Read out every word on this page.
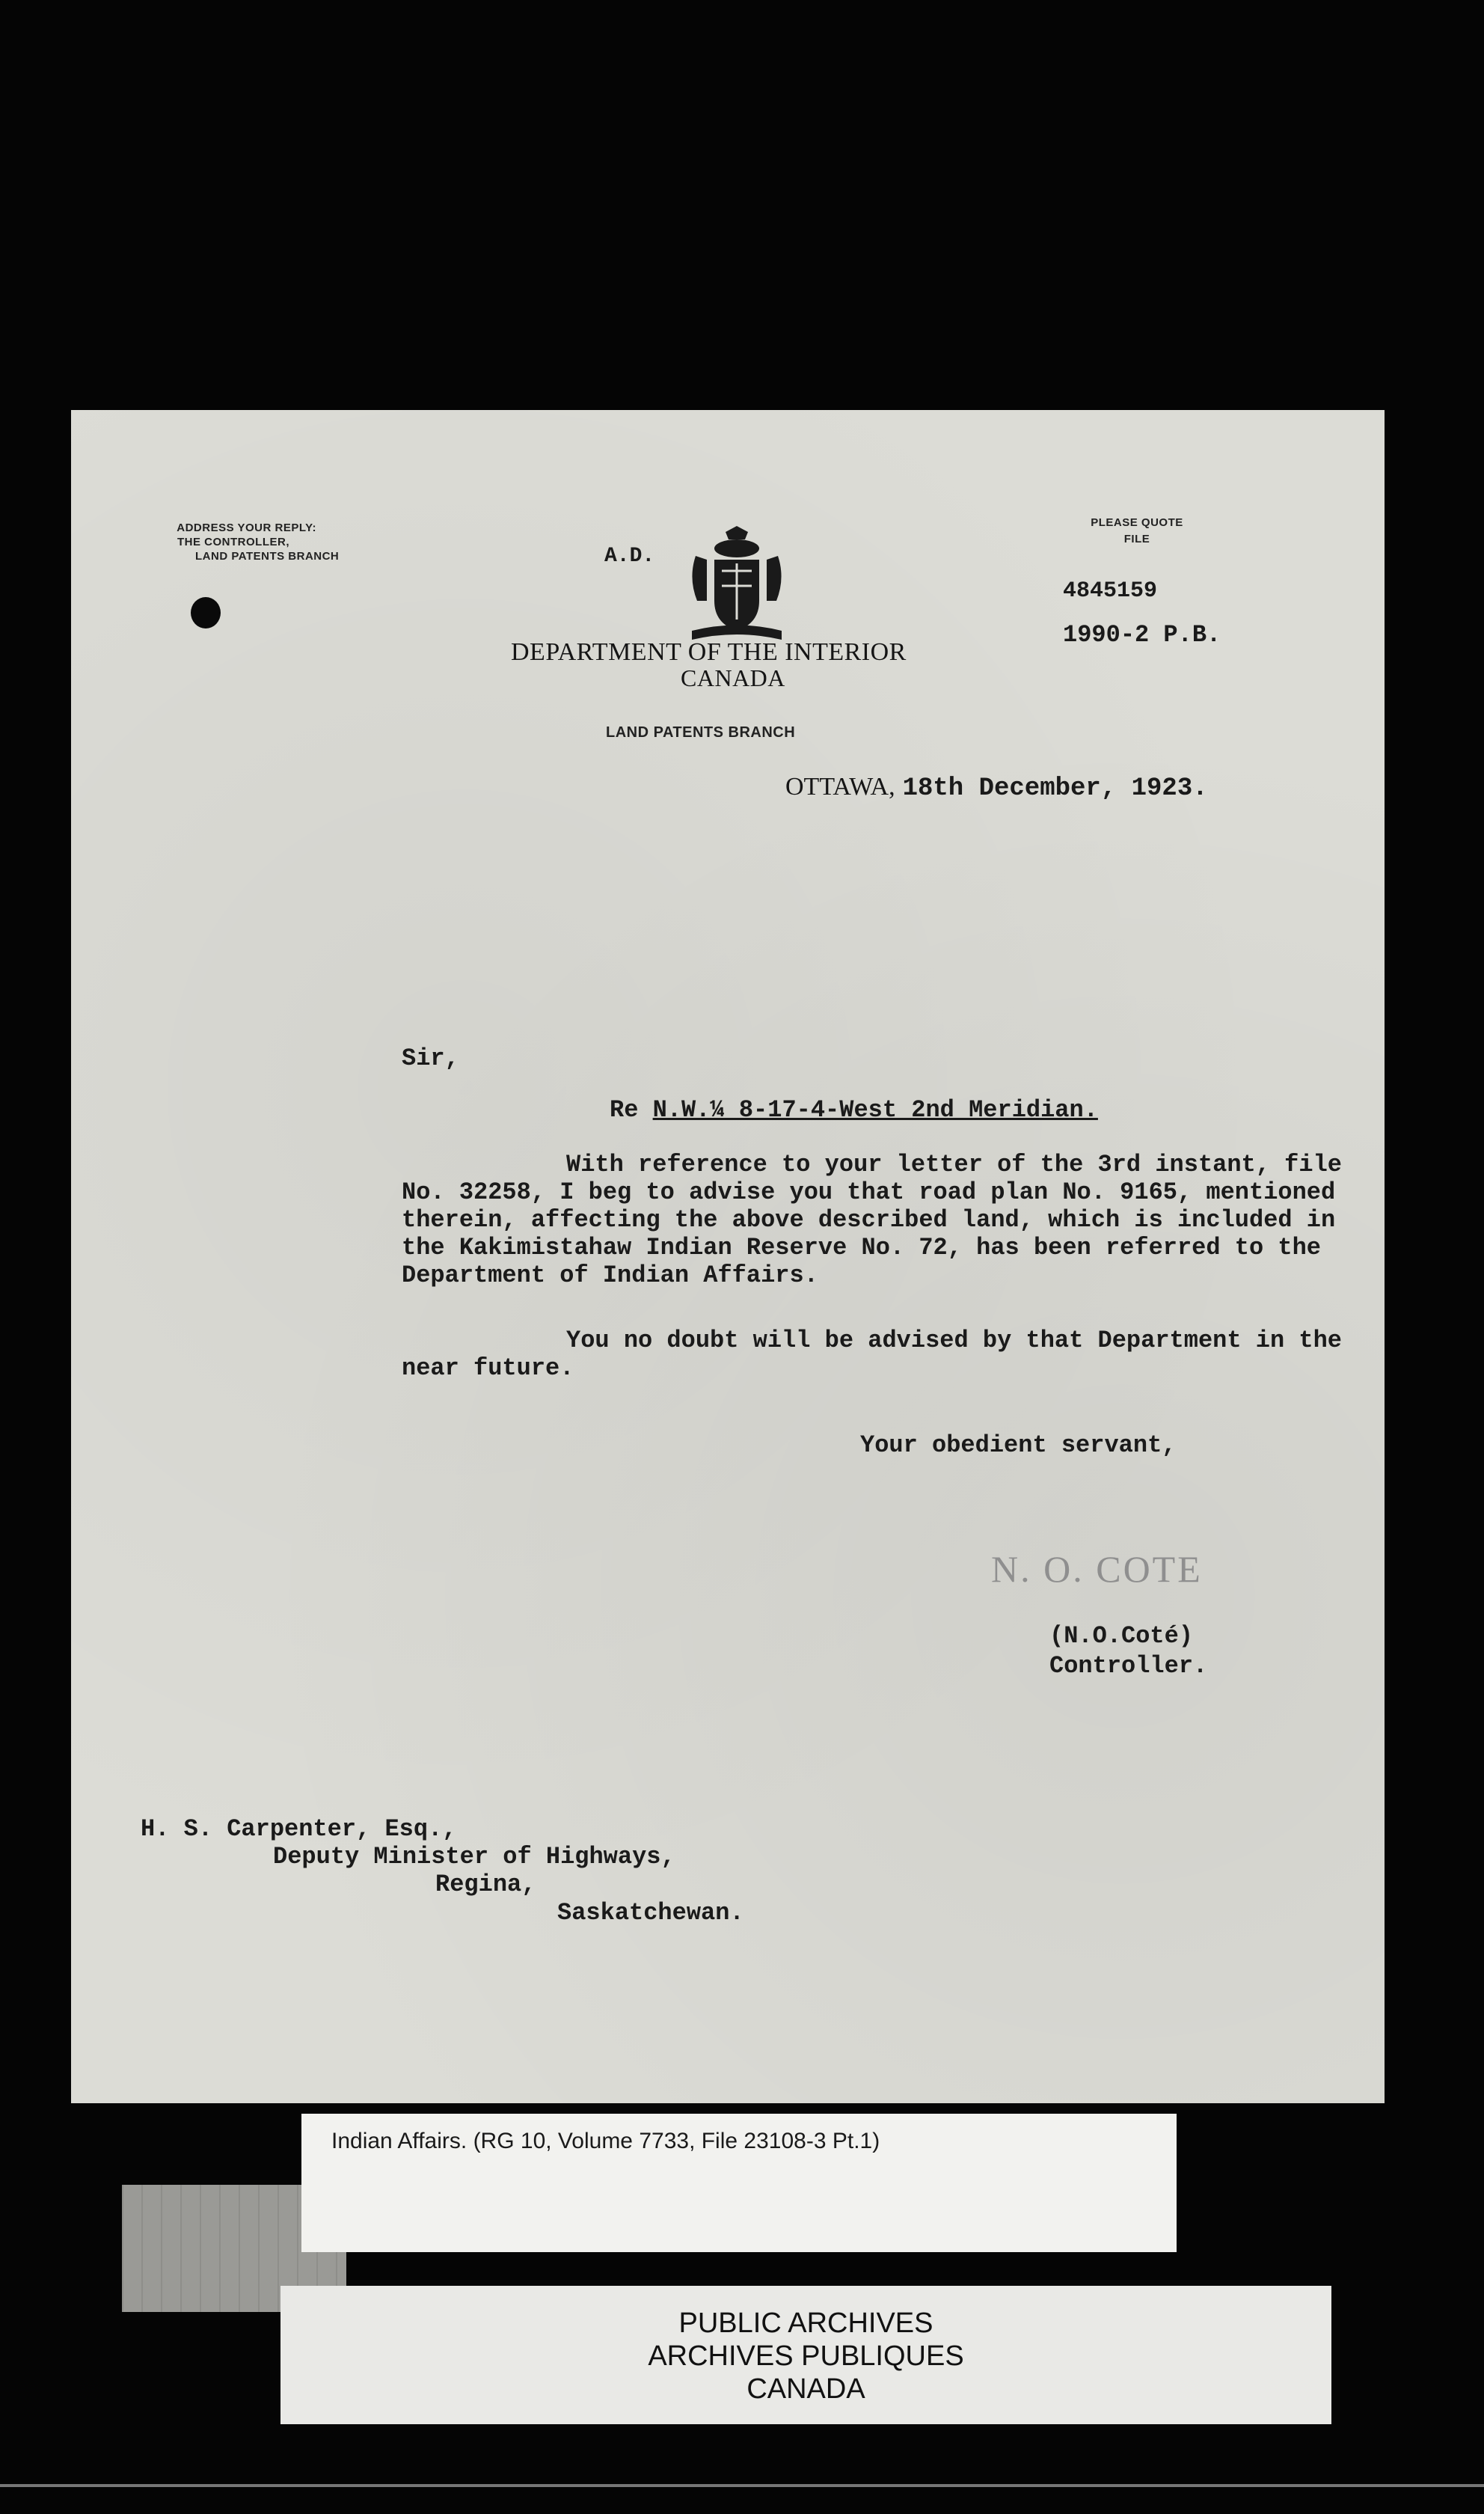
ADDRESS YOUR REPLY:
THE CONTROLLER,
LAND PATENTS BRANCH	A.D.
DEPARTMENT OF THE INTERIOR
CANADA
LAND PATENTS BRANCH
OTTAWA, 18th December, 1923.
PLEASE QUOTE
FILE
4845159
1990-2 P.B.
Sir,
Re N.W.¼ 8-17-4-West 2nd Meridian.
With reference to your letter of the 3rd instant, file No. 32258, I beg to advise you that road plan No. 9165, mentioned therein, affecting the above described land, which is included in the Kakimistahaw Indian Reserve No. 72, has been referred to the Department of Indian Affairs.
You no doubt will be advised by that Department in the near future.
Your obedient servant,
N. O. COTE
(N.O.Coté)
Controller.
H. S. Carpenter, Esq.,
Deputy Minister of Highways,
Regina,
Saskatchewan.
Indian Affairs. (RG 10, Volume 7733, File 23108-3 Pt.1)
PUBLIC ARCHIVES
ARCHIVES PUBLIQUES
CANADA
